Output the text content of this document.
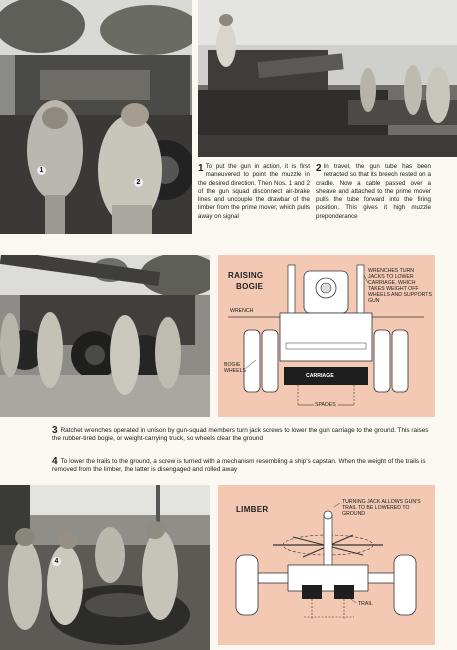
1
2
1 To put the gun in action, it is first maneuvered to point the muzzle in the desired direction. Then Nos. 1 and 2 of the gun squad disconnect air-brake lines and uncouple the drawbar of the limber from the prime mover, which pulls away on signal
2 In travel, the gun tube has been retracted so that its breech rested on a cradle. Now a cable passed over a sheave and attached to the prime mover pulls the tube forward into the firing position. This gives it high muzzle preponderance
RAISING
BOGIE
WRENCHES TURN JACKS TO LOWER CARRIAGE, WHICH TAKES WEIGHT OFF WHEELS AND SUPPORTS GUN
WRENCH
BOGIE
WHEELS
CARRIAGE
SPADES
3 Ratchet wrenches operated in unison by gun-squad members turn jack screws to lower the gun carriage to the ground. This raises the rubber-tired bogie, or weight-carrying truck, so wheels clear the ground
4 To lower the trails to the ground, a screw is turned with a mechanism resembling a ship's capstan. When the weight of the trails is removed from the limber, the latter is disengaged and rolled away
4
LIMBER
TURNING JACK ALLOWS GUN'S TRAIL TO BE LOWERED TO GROUND
TRAIL
